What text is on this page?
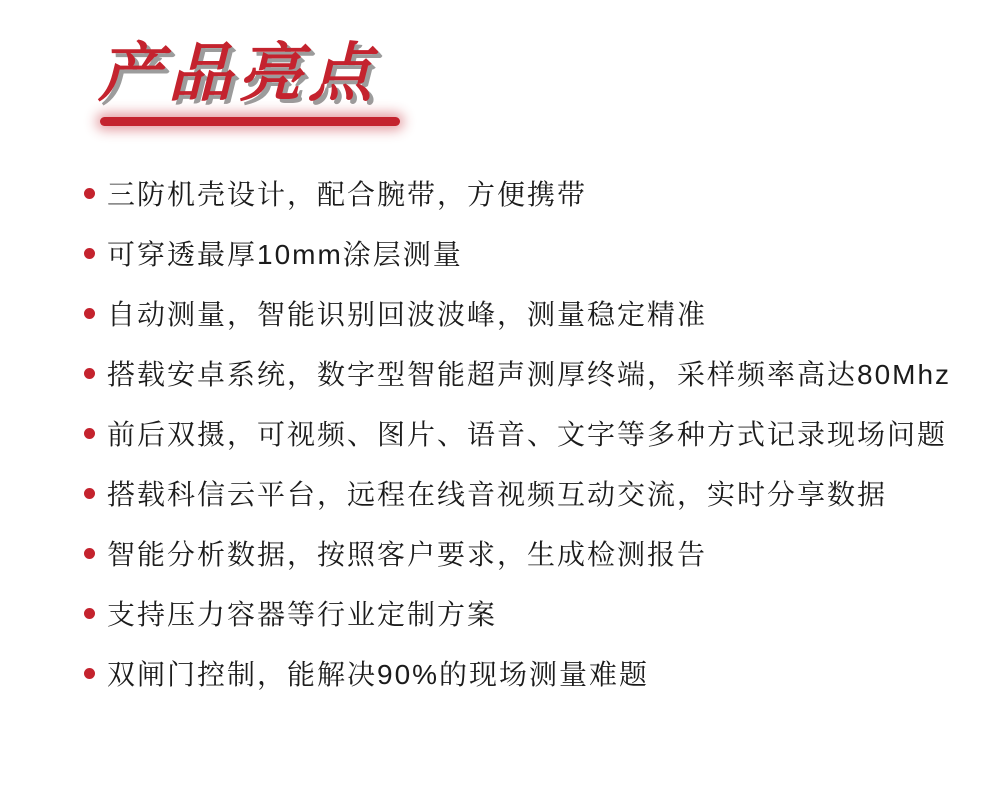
产品亮点
三防机壳设计，配合腕带，方便携带
可穿透最厚10mm涂层测量
自动测量，智能识别回波波峰，测量稳定精准
搭载安卓系统，数字型智能超声测厚终端，采样频率高达80Mhz
前后双摄，可视频、图片、语音、文字等多种方式记录现场问题
搭载科信云平台，远程在线音视频互动交流，实时分享数据
智能分析数据，按照客户要求，生成检测报告
支持压力容器等行业定制方案
双闸门控制，能解决90%的现场测量难题
